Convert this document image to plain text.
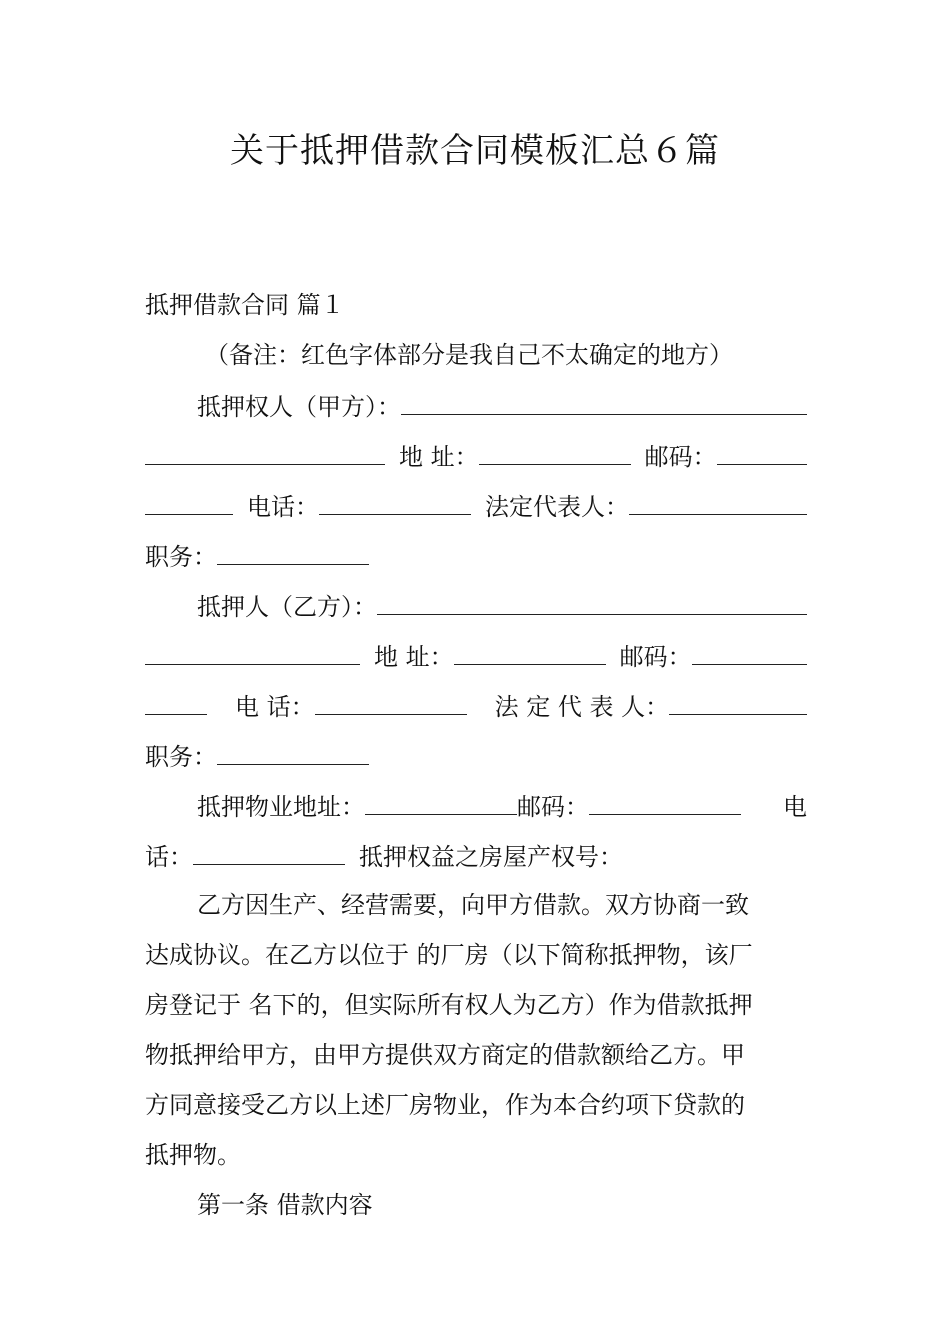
关于抵押借款合同模板汇总６篇
抵押借款合同 篇１
（备注：红色字体部分是我自己不太确定的地方）
抵押权人（甲方）：
地 址：	邮码：
电话：	法定代表人：
职务：
抵押人（乙方）：
地 址：	邮码：
电 话：	法 定 代 表 人：
职务：
抵押物业地址：	邮码：	电
话：	抵押权益之房屋产权号：
乙方因生产、经营需要，向甲方借款。双方协商一致
达成协议。在乙方以位于 的厂房（以下简称抵押物，该厂
房登记于 名下的，但实际所有权人为乙方）作为借款抵押
物抵押给甲方，由甲方提供双方商定的借款额给乙方。甲
方同意接受乙方以上述厂房物业，作为本合约项下贷款的
抵押物。
第一条 借款内容
